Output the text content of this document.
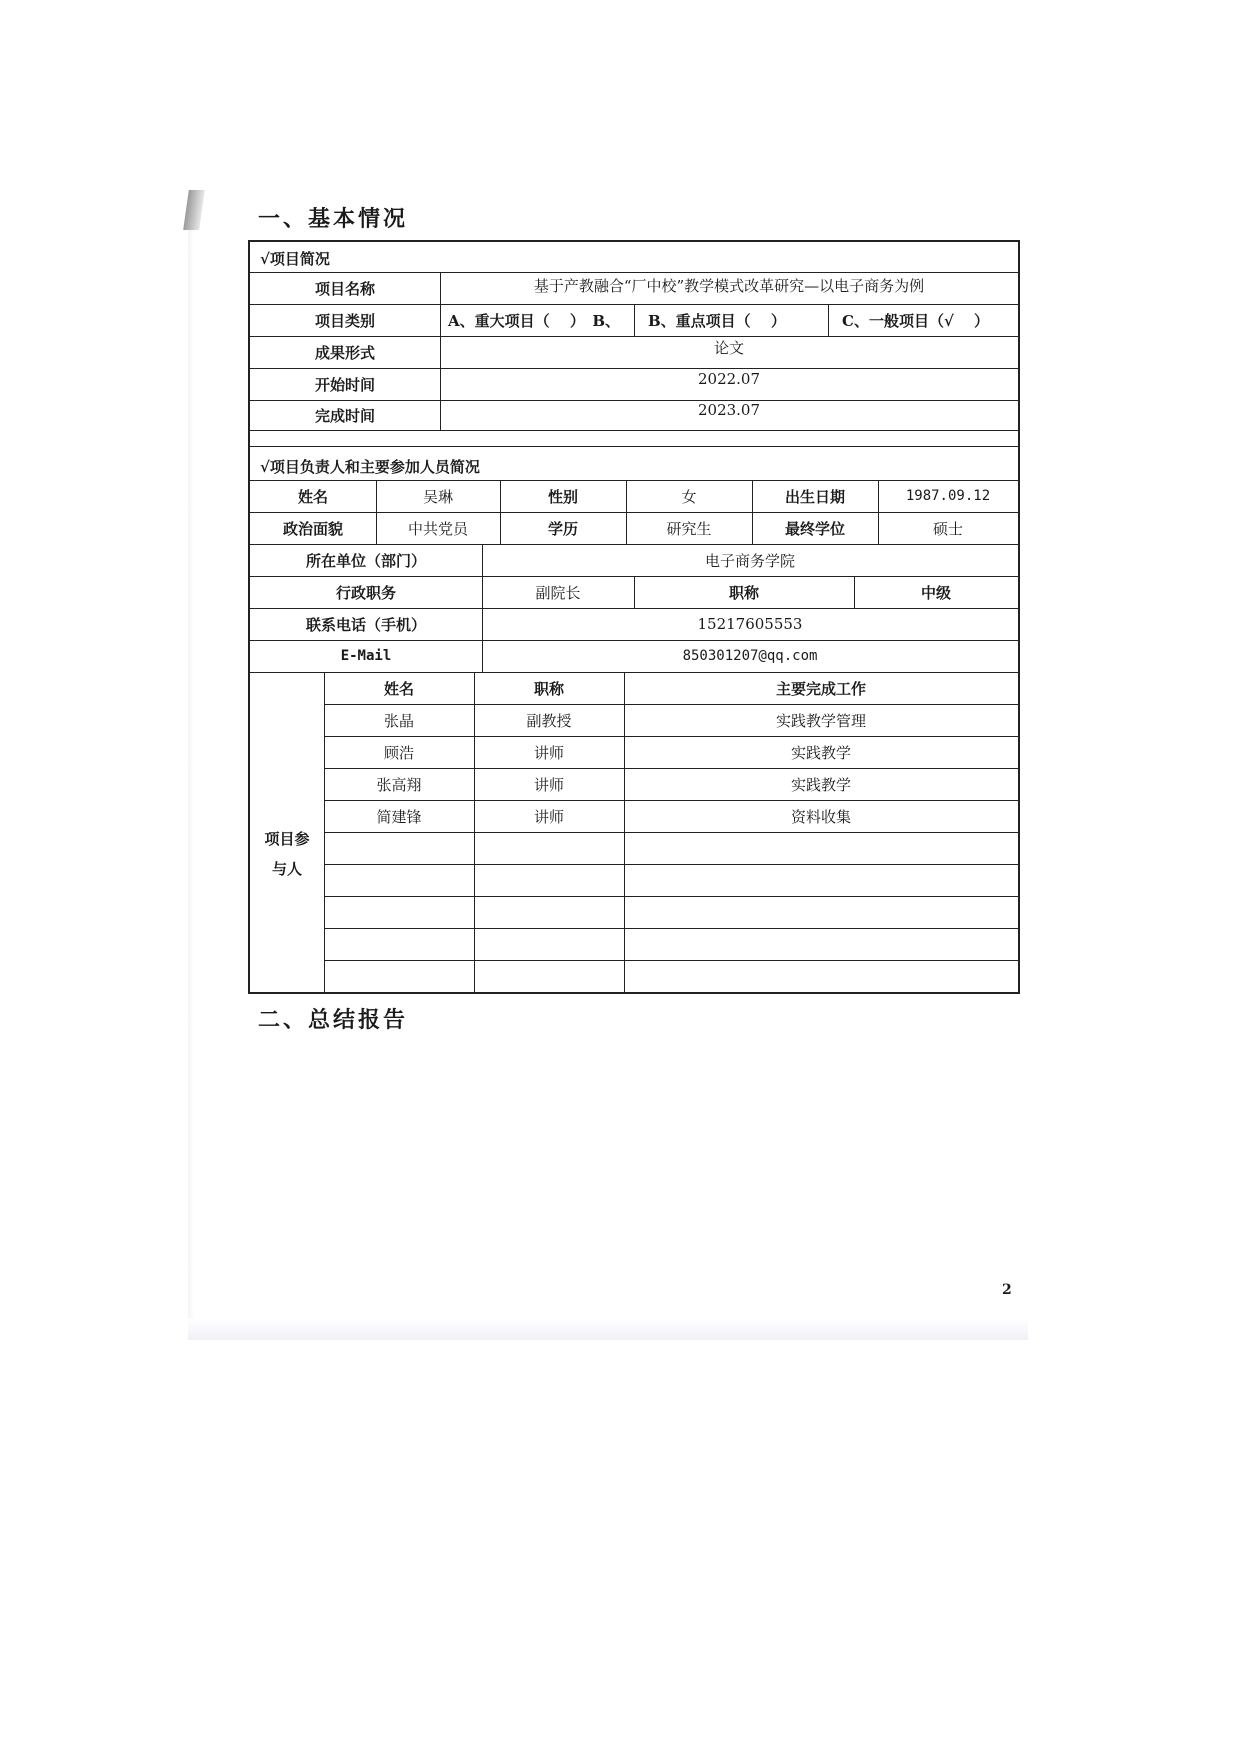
一、基本情况
√项目简况
项目名称	基于产教融合“厂中校”教学模式改革研究—以电子商务为例
项目类别	A、重大项目（　 ）　B、	B、重点项目（　 ）	C、一般项目（√　 ）
成果形式	论文
开始时间	2022.07
完成时间	2023.07
√项目负责人和主要参加人员简况
姓名	吴琳	性别	女	出生日期	1987.09.12
政治面貌	中共党员	学历	研究生	最终学位	硕士
所在单位（部门）	电子商务学院
行政职务	副院长	职称	中级
联系电话（手机）	15217605553
E-Mail	850301207@qq.com
项目参
与人
姓名	职称	主要完成工作
张晶	副教授	实践教学管理
顾浩	讲师	实践教学
张高翔	讲师	实践教学
简建锋	讲师	资料收集
二、总结报告
2
